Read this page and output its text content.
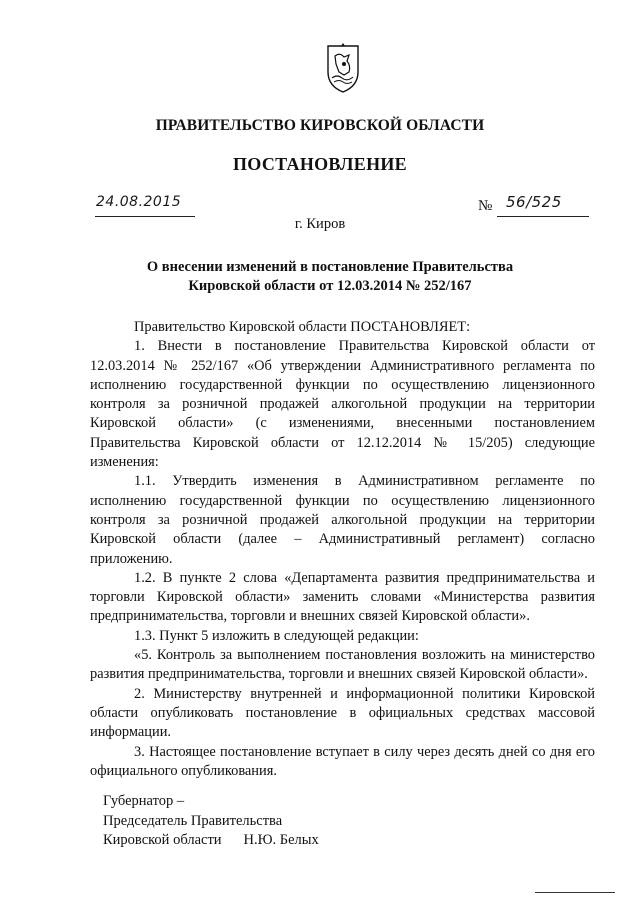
ПРАВИТЕЛЬСТВО КИРОВСКОЙ ОБЛАСТИ
ПОСТАНОВЛЕНИЕ
24.08.2015	№ 56/525
г. Киров
О внесении изменений в постановление Правительства Кировской области от 12.03.2014 № 252/167

Правительство Кировской области ПОСТАНОВЛЯЕТ:

1. Внести в постановление Правительства Кировской области от 12.03.2014 № 252/167 «Об утверждении Административного регламента по исполнению государственной функции по осуществлению лицензионного контроля за розничной продажей алкогольной продукции на территории Кировской области» (с изменениями, внесенными постановлением Правительства Кировской области от 12.12.2014 № 15/205) следующие изменения:

1.1. Утвердить изменения в Административном регламенте по исполнению государственной функции по осуществлению лицензионного контроля за розничной продажей алкогольной продукции на территории Кировской области (далее – Административный регламент) согласно приложению.

1.2. В пункте 2 слова «Департамента развития предпринимательства и торговли Кировской области» заменить словами «Министерства развития предпринимательства, торговли и внешних связей Кировской области».

1.3. Пункт 5 изложить в следующей редакции:

«5. Контроль за выполнением постановления возложить на министерство развития предпринимательства, торговли и внешних связей Кировской области».

2. Министерству внутренней и информационной политики Кировской области опубликовать постановление в официальных средствах массовой информации.

3. Настоящее постановление вступает в силу через десять дней со дня его официального опубликования.

Губернатор –
Председатель Правительства
Кировской области Н.Ю. Белых
